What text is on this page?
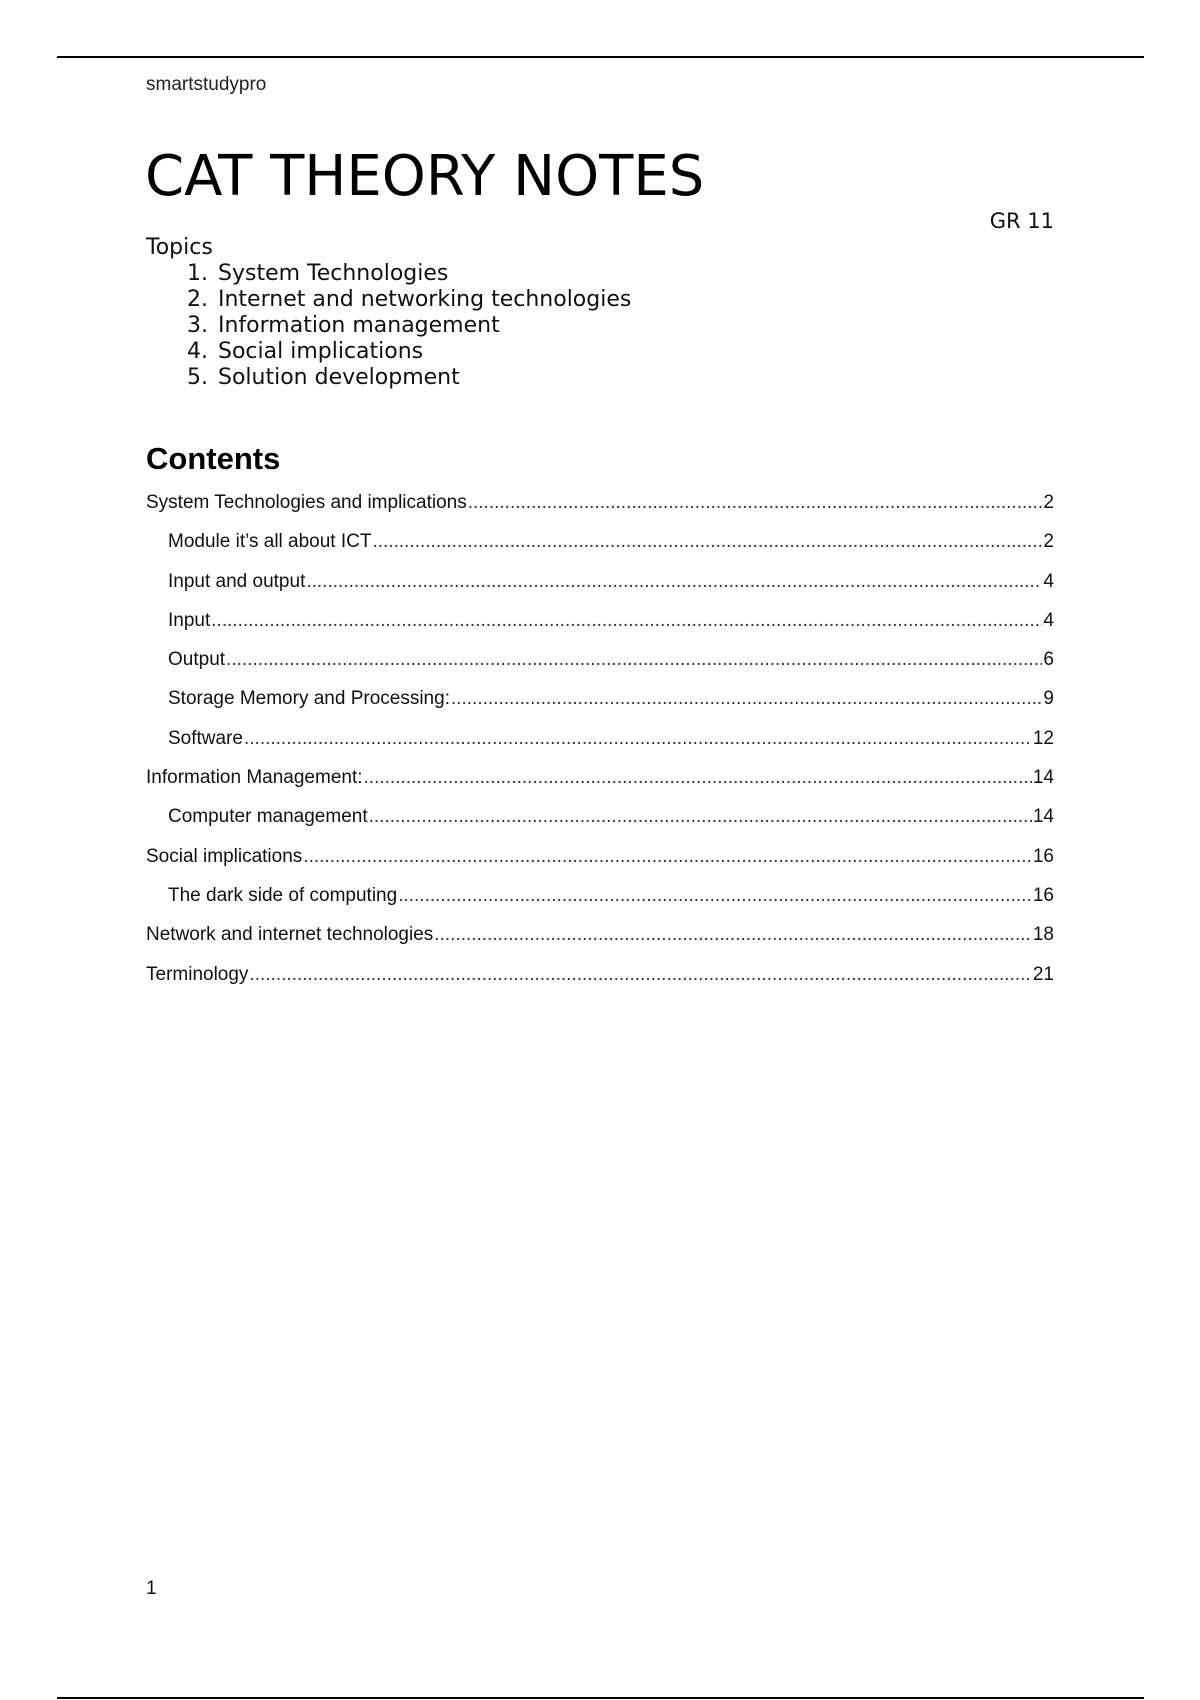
smartstudypro
CAT THEORY NOTES
GR 11
Topics
1. System Technologies
2. Internet and networking technologies
3. Information management
4. Social implications
5. Solution development
Contents
System Technologies and implications .....	2
Module it’s all about ICT .....	2
Input and output .....	4
Input .....	4
Output .....	6
Storage Memory and Processing: .....	9
Software .....	12
Information Management: .....	14
Computer management .....	14
Social implications .....	16
The dark side of computing .....	16
Network and internet technologies .....	18
Terminology .....	21
1
